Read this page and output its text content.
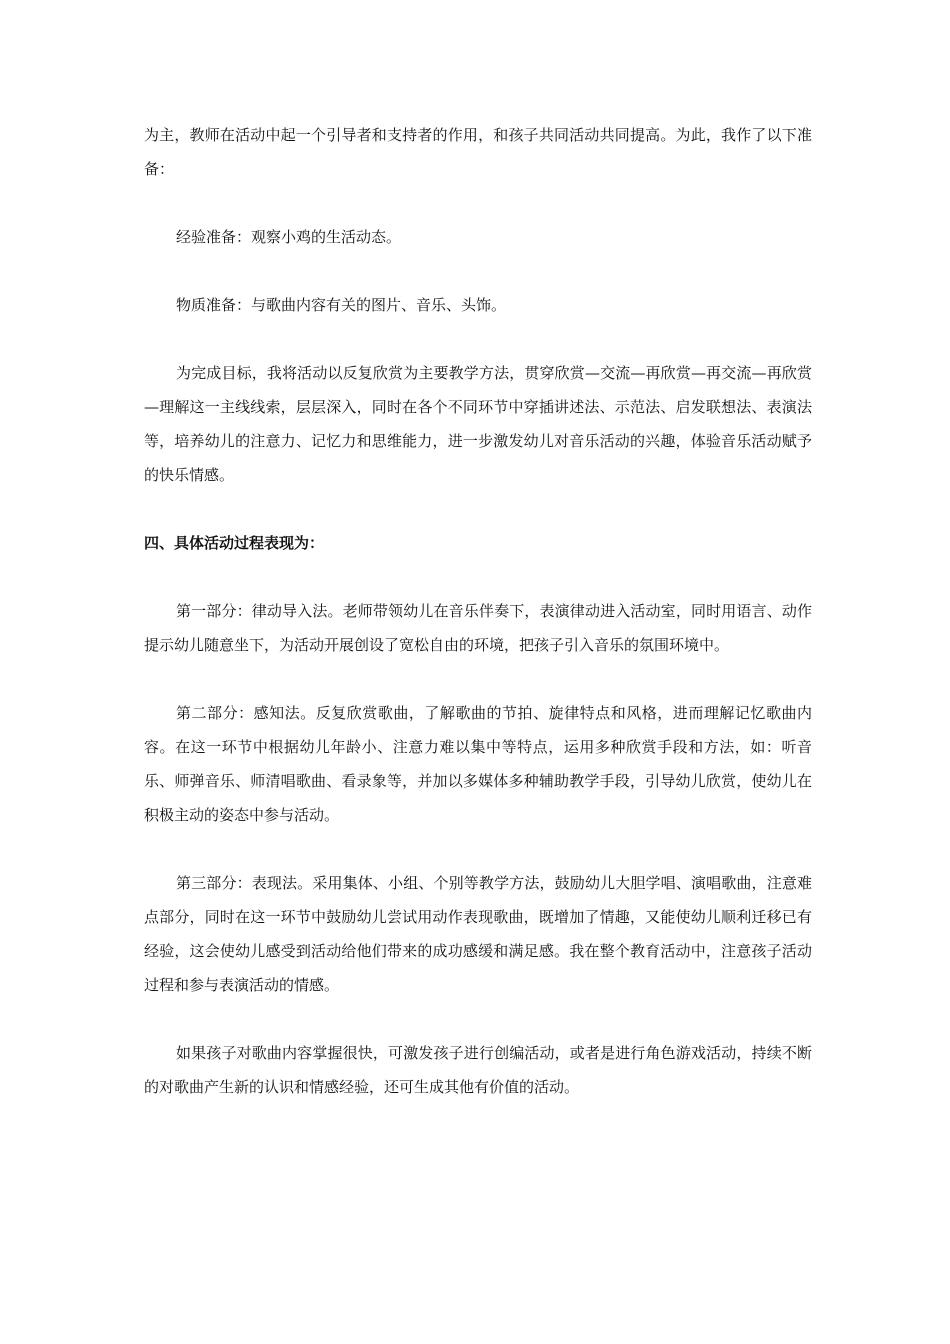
为主，教师在活动中起一个引导者和支持者的作用，和孩子共同活动共同提高。为此，我作了以下准备：

经验准备：观察小鸡的生活动态。

物质准备：与歌曲内容有关的图片、音乐、头饰。

为完成目标，我将活动以反复欣赏为主要教学方法，贯穿欣赏—交流—再欣赏—再交流—再欣赏—理解这一主线线索，层层深入，同时在各个不同环节中穿插讲述法、示范法、启发联想法、表演法等，培养幼儿的注意力、记忆力和思维能力，进一步激发幼儿对音乐活动的兴趣，体验音乐活动赋予的快乐情感。

四、具体活动过程表现为：

第一部分：律动导入法。老师带领幼儿在音乐伴奏下，表演律动进入活动室，同时用语言、动作提示幼儿随意坐下，为活动开展创设了宽松自由的环境，把孩子引入音乐的氛围环境中。

第二部分：感知法。反复欣赏歌曲，了解歌曲的节拍、旋律特点和风格，进而理解记忆歌曲内容。在这一环节中根据幼儿年龄小、注意力难以集中等特点，运用多种欣赏手段和方法，如：听音乐、师弹音乐、师清唱歌曲、看录象等，并加以多媒体多种辅助教学手段，引导幼儿欣赏，使幼儿在积极主动的姿态中参与活动。

第三部分：表现法。采用集体、小组、个别等教学方法，鼓励幼儿大胆学唱、演唱歌曲，注意难点部分，同时在这一环节中鼓励幼儿尝试用动作表现歌曲，既增加了情趣，又能使幼儿顺利迁移已有经验，这会使幼儿感受到活动给他们带来的成功感缓和满足感。我在整个教育活动中，注意孩子活动过程和参与表演活动的情感。

如果孩子对歌曲内容掌握很快，可激发孩子进行创编活动，或者是进行角色游戏活动，持续不断的对歌曲产生新的认识和情感经验，还可生成其他有价值的活动。
